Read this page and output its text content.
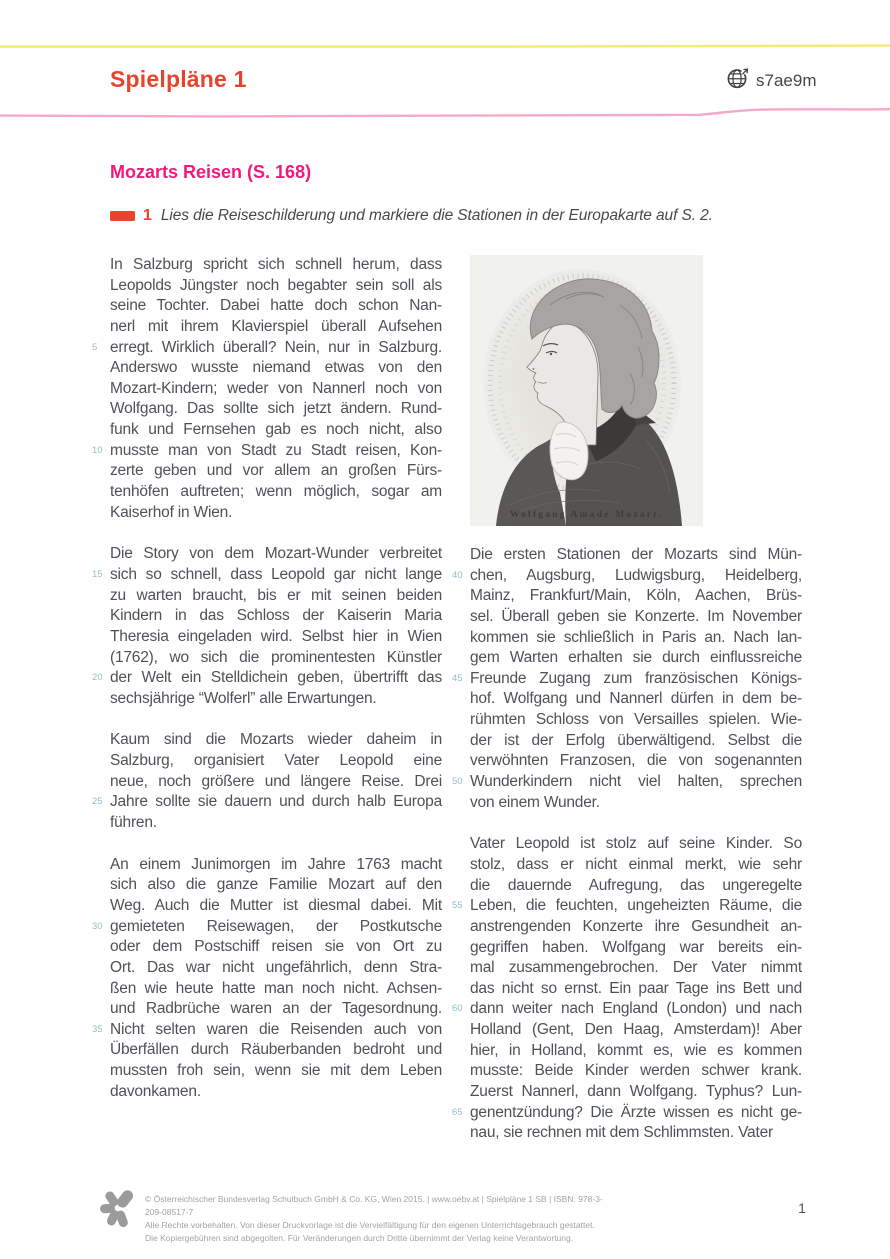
Spielpläne 1	s7ae9m
Mozarts Reisen (S. 168)
1 Lies die Reiseschilderung und markiere die Stationen in der Europakarte auf S. 2.
In Salzburg spricht sich schnell herum, dass
Leopolds Jüngster noch begabter sein soll als
seine Tochter. Dabei hatte doch schon Nan-
nerl mit ihrem Klavierspiel überall Aufsehen
5 erregt. Wirklich überall? Nein, nur in Salzburg.
Anderswo wusste niemand etwas von den
Mozart-Kindern; weder von Nannerl noch von
Wolfgang. Das sollte sich jetzt ändern. Rund-
funk und Fernsehen gab es noch nicht, also
10 musste man von Stadt zu Stadt reisen, Kon-
zerte geben und vor allem an großen Fürs-
tenhöfen auftreten; wenn möglich, sogar am
Kaiserhof in Wien.
Die Story von dem Mozart-Wunder verbreitet
15 sich so schnell, dass Leopold gar nicht lange
zu warten braucht, bis er mit seinen beiden
Kindern in das Schloss der Kaiserin Maria
Theresia eingeladen wird. Selbst hier in Wien
(1762), wo sich die prominentesten Künstler
20 der Welt ein Stelldichein geben, übertrifft das
sechsjährige “Wolferl” alle Erwartungen.
Kaum sind die Mozarts wieder daheim in
Salzburg, organisiert Vater Leopold eine
neue, noch größere und längere Reise. Drei
25 Jahre sollte sie dauern und durch halb Europa
führen.
An einem Junimorgen im Jahre 1763 macht
sich also die ganze Familie Mozart auf den
Weg. Auch die Mutter ist diesmal dabei. Mit
30 gemieteten Reisewagen, der Postkutsche
oder dem Postschiff reisen sie von Ort zu
Ort. Das war nicht ungefährlich, denn Stra-
ßen wie heute hatte man noch nicht. Achsen-
und Radbrüche waren an der Tagesordnung.
35 Nicht selten waren die Reisenden auch von
Überfällen durch Räuberbanden bedroht und
mussten froh sein, wenn sie mit dem Leben
davonkamen.
Wolfgang Amade Mozart.
Die ersten Stationen der Mozarts sind Mün-
40 chen, Augsburg, Ludwigsburg, Heidelberg,
Mainz, Frankfurt/Main, Köln, Aachen, Brüs-
sel. Überall geben sie Konzerte. Im November
kommen sie schließlich in Paris an. Nach lan-
gem Warten erhalten sie durch einflussreiche
45 Freunde Zugang zum französischen Königs-
hof. Wolfgang und Nannerl dürfen in dem be-
rühmten Schloss von Versailles spielen. Wie-
der ist der Erfolg überwältigend. Selbst die
verwöhnten Franzosen, die von sogenannten
50 Wunderkindern nicht viel halten, sprechen
von einem Wunder.
Vater Leopold ist stolz auf seine Kinder. So
stolz, dass er nicht einmal merkt, wie sehr
die dauernde Aufregung, das ungeregelte
55 Leben, die feuchten, ungeheizten Räume, die
anstrengenden Konzerte ihre Gesundheit an-
gegriffen haben. Wolfgang war bereits ein-
mal zusammengebrochen. Der Vater nimmt
das nicht so ernst. Ein paar Tage ins Bett und
60 dann weiter nach England (London) und nach
Holland (Gent, Den Haag, Amsterdam)! Aber
hier, in Holland, kommt es, wie es kommen
musste: Beide Kinder werden schwer krank.
Zuerst Nannerl, dann Wolfgang. Typhus? Lun-
65 genentzündung? Die Ärzte wissen es nicht ge-
nau, sie rechnen mit dem Schlimmsten. Vater
© Österreichischer Bundesverlag Schulbuch GmbH & Co. KG, Wien 2015. | www.oebv.at | Spielpläne 1 SB | ISBN: 978-3-209-08517-7
Alle Rechte vorbehalten. Von dieser Druckvorlage ist die Vervielfältigung für den eigenen Unterrichtsgebrauch gestattet.
Die Kopiergebühren sind abgegolten. Für Veränderungen durch Dritte übernimmt der Verlag keine Verantwortung.
1
